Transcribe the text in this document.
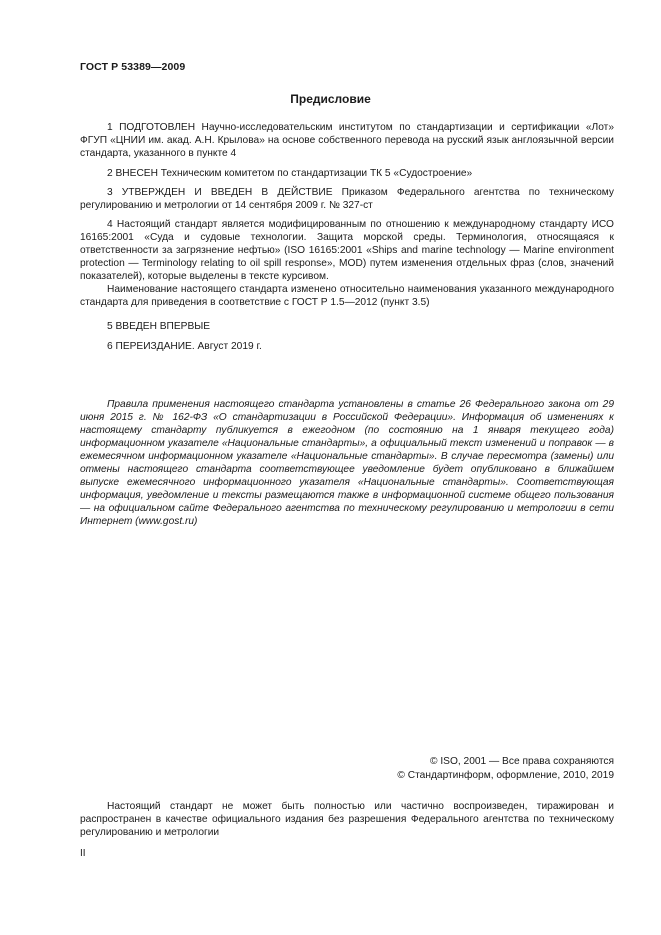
ГОСТ Р 53389—2009
Предисловие

1 ПОДГОТОВЛЕН Научно-исследовательским институтом по стандартизации и сертификации «Лот» ФГУП «ЦНИИ им. акад. А.Н. Крылова» на основе собственного перевода на русский язык англоязычной версии стандарта, указанного в пункте 4

2 ВНЕСЕН Техническим комитетом по стандартизации ТК 5 «Судостроение»

3 УТВЕРЖДЕН И ВВЕДЕН В ДЕЙСТВИЕ Приказом Федерального агентства по техническому регулированию и метрологии от 14 сентября 2009 г. № 327-ст

4 Настоящий стандарт является модифицированным по отношению к международному стандарту ИСО 16165:2001 «Суда и судовые технологии. Защита морской среды. Терминология, относящаяся к ответственности за загрязнение нефтью» (ISO 16165:2001 «Ships and marine technology — Marine environment protection — Terminology relating to oil spill response», MOD) путем изменения отдельных фраз (слов, значений показателей), которые выделены в тексте курсивом.

Наименование настоящего стандарта изменено относительно наименования указанного международного стандарта для приведения в соответствие с ГОСТ Р 1.5—2012 (пункт 3.5)

5 ВВЕДЕН ВПЕРВЫЕ

6 ПЕРЕИЗДАНИЕ. Август 2019 г.

Правила применения настоящего стандарта установлены в статье 26 Федерального закона от 29 июня 2015 г. № 162-ФЗ «О стандартизации в Российской Федерации». Информация об изменениях к настоящему стандарту публикуется в ежегодном (по состоянию на 1 января текущего года) информационном указателе «Национальные стандарты», а официальный текст изменений и поправок — в ежемесячном информационном указателе «Национальные стандарты». В случае пересмотра (замены) или отмены настоящего стандарта соответствующее уведомление будет опубликовано в ближайшем выпуске ежемесячного информационного указателя «Национальные стандарты». Соответствующая информация, уведомление и тексты размещаются также в информационной системе общего пользования — на официальном сайте Федерального агентства по техническому регулированию и метрологии в сети Интернет (www.gost.ru)

© ISO, 2001 — Все права сохраняются
© Стандартинформ, оформление, 2010, 2019

Настоящий стандарт не может быть полностью или частично воспроизведен, тиражирован и распространен в качестве официального издания без разрешения Федерального агентства по техническому регулированию и метрологии

II
